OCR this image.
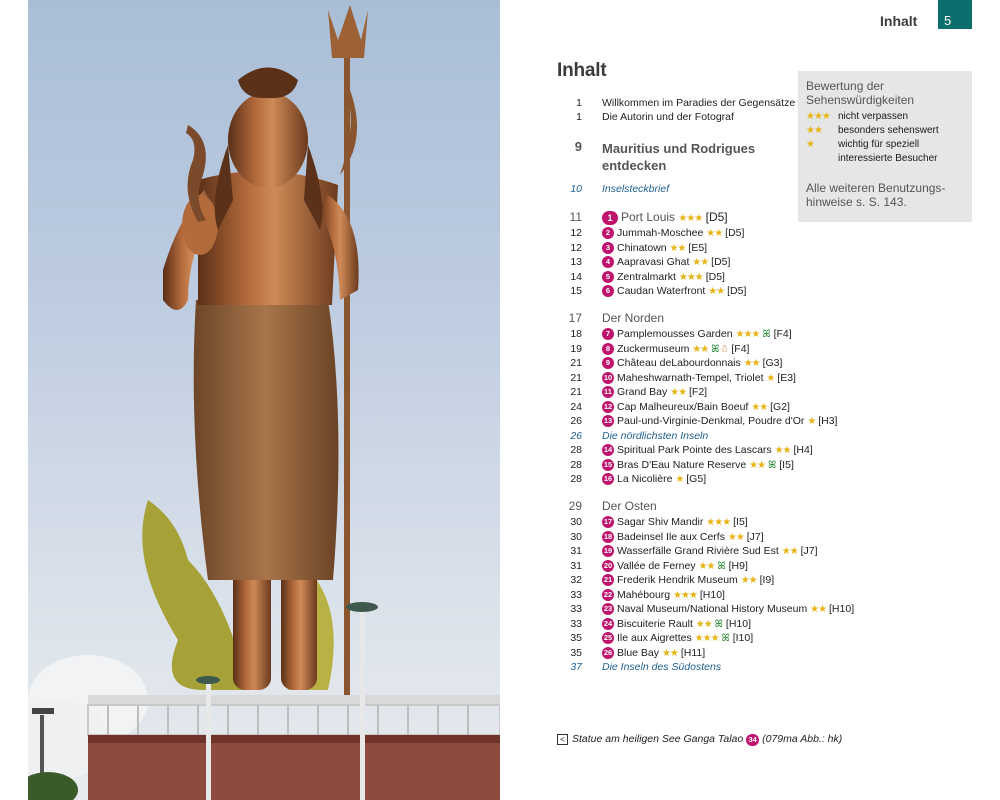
Inhalt	5
Inhalt
Bewertung der Sehenswürdigkeiten
★★★ nicht verpassen
★★	besonders sehenswert
★	wichtig für speziell interessierte Besucher
Alle weiteren Benutzungshinweise s. S. 143.
1 Willkommen im Paradies der Gegensätze
1 Die Autorin und der Fotograf
9 Mauritius und Rodrigues entdecken
10 Inselsteckbrief
11	1 Port Louis ★★★ [D5]
12	2 Jummah-Moschee ★★ [D5]
12	3 Chinatown ★★ [E5]
13	4 Aapravasi Ghat ★★ [D5]
14	5 Zentralmarkt ★★★ [D5]
15	6 Caudan Waterfront ★★ [D5]
17 Der Norden
18	7 Pamplemousses Garden ★★★ ꕤ [F4]
19	8 Zuckermuseum ★★ ꕤ☃ [F4]
21	9 Château deLabourdonnais ★★ [G3]
21	10 Maheshwarnath-Tempel, Triolet ★ [E3]
21	11 Grand Bay ★★ [F2]
24	12 Cap Malheureux/Bain Boeuf ★★ [G2]
26	13 Paul-und-Virginie-Denkmal, Poudre d'Or ★ [H3]
26 Die nördlichsten Inseln
28	14 Spiritual Park Pointe des Lascars ★★ [H4]
28	15 Bras D'Eau Nature Reserve ★★ ꕤ [I5]
28	16 La Nicolière ★ [G5]
29 Der Osten
30	17 Sagar Shiv Mandir ★★★ [I5]
30	18 Badeinsel Ile aux Cerfs ★★ [J7]
31	19 Wasserfälle Grand Rivière Sud Est ★★ [J7]
31	20 Vallée de Ferney ★★ ꕤ [H9]
32	21 Frederik Hendrik Museum ★★ [I9]
33	22 Mahébourg ★★★ [H10]
33	23 Naval Museum/National History Museum ★★ [H10]
33	24 Biscuiterie Rault ★★ ꕤ [H10]
35	25 Ile aux Aigrettes ★★★ ꕤ [I10]
35	26 Blue Bay ★★ [H11]
37 Die Inseln des Südostens
< Statue am heiligen See Ganga Talao 34 (079ma Abb.: hk)
